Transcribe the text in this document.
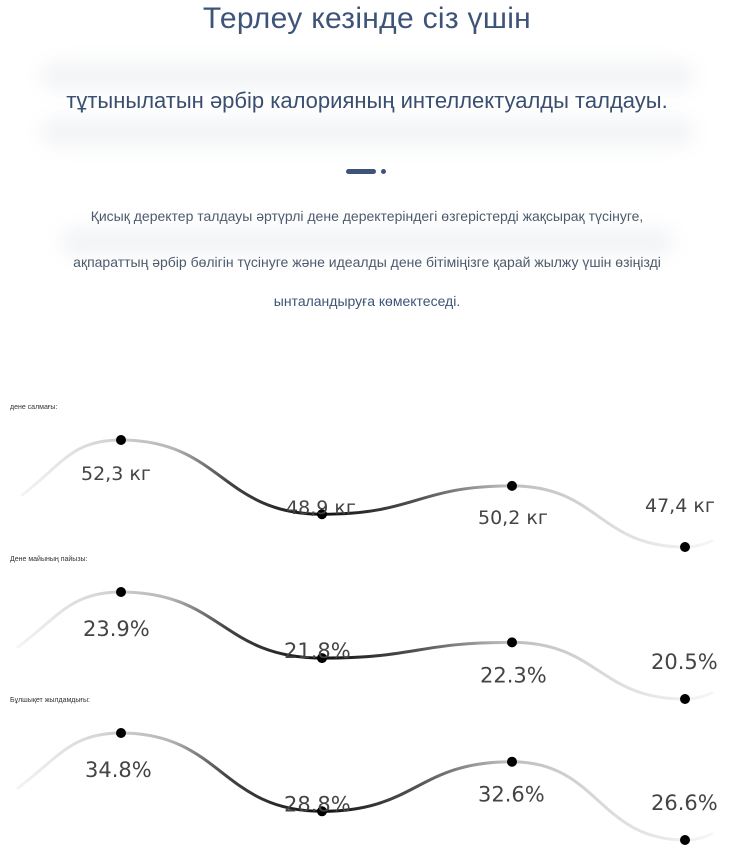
Терлеу кезінде сіз үшін
тұтынылатын әрбір калорияның интеллектуалды талдауы.
Қисық деректер талдауы әртүрлі дене деректеріндегі өзгерістерді жақсырақ түсінуге,
ақпараттың әрбір бөлігін түсінуге және идеалды дене бітіміңізге қарай жылжу үшін өзіңізді
ынталандыруға көмектеседі.
дене салмағы:
52,3 кг
48,9 кг	50,2 кг
47,4 кг
Дене майының пайызы:
23.9%
21.8%
22.3%
20.5%
Бұлшықет жылдамдығы:
34.8%
28.8%	32.6%	26.6%
